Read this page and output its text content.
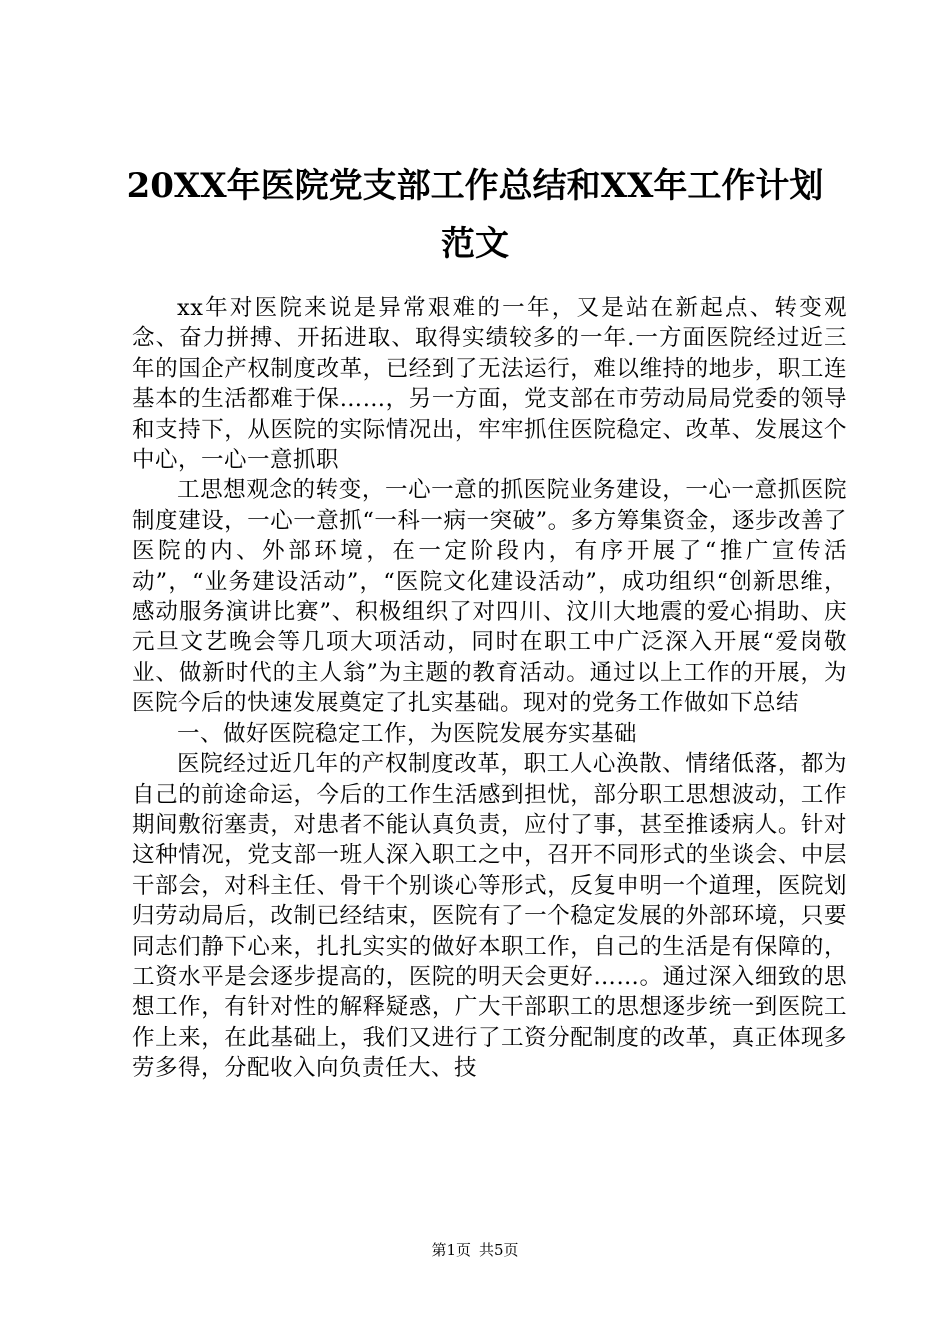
20XX年医院党支部工作总结和XX年工作计划
范文

xx年对医院来说是异常艰难的一年，又是站在新起点、转变观念、奋力拼搏、开拓进取、取得实绩较多的一年.一方面医院经过近三年的国企产权制度改革，已经到了无法运行，难以维持的地步，职工连基本的生活都难于保……，另一方面，党支部在市劳动局局党委的领导和支持下，从医院的实际情况出，牢牢抓住医院稳定、改革、发展这个中心，一心一意抓职

工思想观念的转变，一心一意的抓医院业务建设，一心一意抓医院制度建设，一心一意抓“一科一病一突破”。多方筹集资金，逐步改善了医院的内、外部环境，在一定阶段内，有序开展了“推广宣传活动”，“业务建设活动”，“医院文化建设活动”，成功组织“创新思维，感动服务演讲比赛”、积极组织了对四川、汶川大地震的爱心捐助、庆元旦文艺晚会等几项大项活动，同时在职工中广泛深入开展“爱岗敬业、做新时代的主人翁”为主题的教育活动。通过以上工作的开展，为医院今后的快速发展奠定了扎实基础。现对的党务工作做如下总结

一、做好医院稳定工作，为医院发展夯实基础

医院经过近几年的产权制度改革，职工人心涣散、情绪低落，都为自己的前途命运，今后的工作生活感到担忧，部分职工思想波动，工作期间敷衍塞责，对患者不能认真负责，应付了事，甚至推诿病人。针对这种情况，党支部一班人深入职工之中，召开不同形式的坐谈会、中层干部会，对科主任、骨干个别谈心等形式，反复申明一个道理，医院划归劳动局后，改制已经结束，医院有了一个稳定发展的外部环境，只要同志们静下心来，扎扎实实的做好本职工作，自己的生活是有保障的，工资水平是会逐步提高的，医院的明天会更好……。通过深入细致的思想工作，有针对性的解释疑惑，广大干部职工的思想逐步统一到医院工作上来，在此基础上，我们又进行了工资分配制度的改革，真正体现多劳多得，分配收入向负责任大、技

第1页 共5页
